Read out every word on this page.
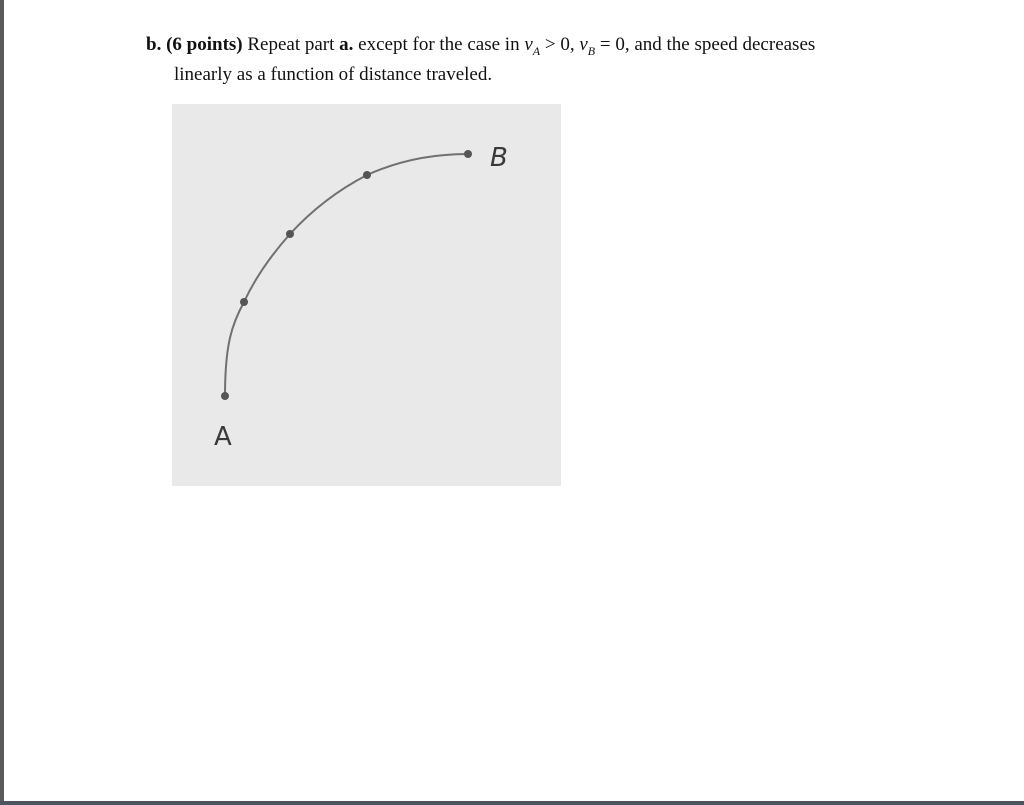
b. (6 points) Repeat part a. except for the case in $v_A > 0$, $v_B = 0$, and the speed decreases
linearly as a function of distance traveled.
A
B
